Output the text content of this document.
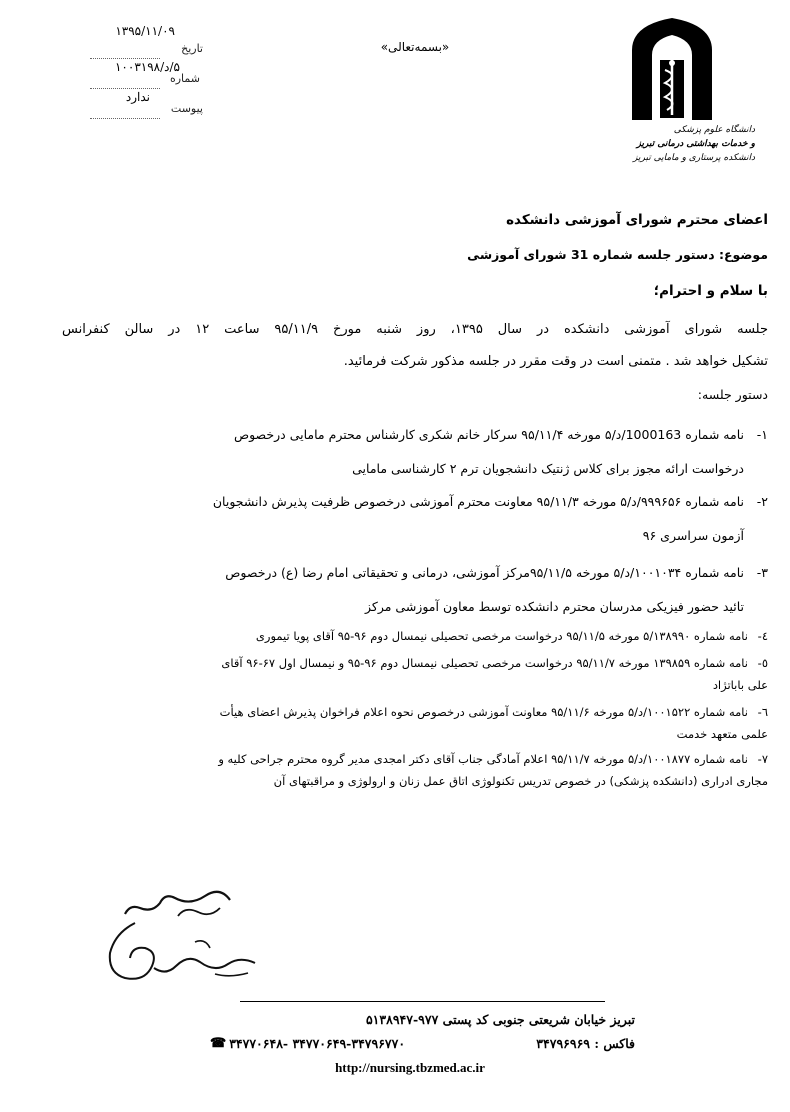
۱۳۹۵/۱۱/۰۹
تاریخ
۵/د/۱۰۰۳۱۹۸
شماره
ندارد
پیوست
«بسمه‌تعالی»
دانشگاه علوم پزشکی
و خدمات بهداشتی درمانی تبریز
دانشکده پرستاری و مامایی تبریز
اعضای محترم شورای آموزشی دانشکده
موضوع: دستور جلسه شماره 31 شورای آموزشی
با سلام و احترام؛
جلسه شورای آموزشی دانشکده در سال ۱۳۹۵، روز شنبه مورخ ۹۵/۱۱/۹ ساعت ۱۲ در سالن کنفرانس
تشکیل خواهد شد . متمنی است در وقت مقرر در جلسه مذکور شرکت فرمائید.
دستور جلسه:
۱-
نامه شماره 1000163/د/۵ مورخه ۹۵/۱۱/۴ سرکار خانم شکری کارشناس محترم مامایی درخصوص
درخواست ارائه مجوز برای کلاس ژنتیک دانشجویان ترم ۲ کارشناسی مامایی
۲-
نامه شماره ۹۹۹۶۵۶/د/۵ مورخه ۹۵/۱۱/۳ معاونت محترم آموزشی درخصوص ظرفیت پذیرش دانشجویان
آزمون سراسری ۹۶
۳-
نامه شماره ۱۰۰۱۰۳۴/د/۵ مورخه ۹۵/۱۱/۵مرکز آموزشی، درمانی و تحقیقاتی امام رضا (ع) درخصوص
تائید حضور فیزیکی مدرسان محترم دانشکده توسط معاون آموزشی مرکز
٤-
نامه شماره ۵/۱۳۸۹۹۰ مورخه ۹۵/۱۱/۵ درخواست مرخصی تحصیلی نیمسال دوم ۹۶-۹۵ آقای پویا تیموری
٥-
نامه شماره ۱۳۹۸۵۹ مورخه ۹۵/۱۱/۷ درخواست مرخصی تحصیلی نیمسال دوم ۹۶-۹۵ و نیمسال اول ۶۷-۹۶ آقای
علی باباتژاد
٦-
نامه شماره ۱۰۰۱۵۲۲/د/۵ مورخه ۹۵/۱۱/۶ معاونت آموزشی درخصوص نحوه اعلام فراخوان پذیرش اعضای هیأت
علمی متعهد خدمت
٧-
نامه شماره ۱۰۰۱۸۷۷/د/۵ مورخه ۹۵/۱۱/۷ اعلام آمادگی جناب آقای دکتر امجدی مدیر گروه محترم جراحی کلیه و
مجاری ادراری (دانشکده پزشکی) در خصوص تدریس تکنولوژی اتاق عمل زنان و ارولوژی و مراقبتهای آن
تبریز خیابان شریعتی جنوبی کد پستی ۹۷۷-۵۱۳۸۹۴۷
☎ ۳۴۷۷۰۶۴۸- ۳۴۷۷۰۶۴۹-۳۴۷۹۶۷۷۰	۳۴۷۹۶۹۶۹ : فاکس
http://nursing.tbzmed.ac.ir
